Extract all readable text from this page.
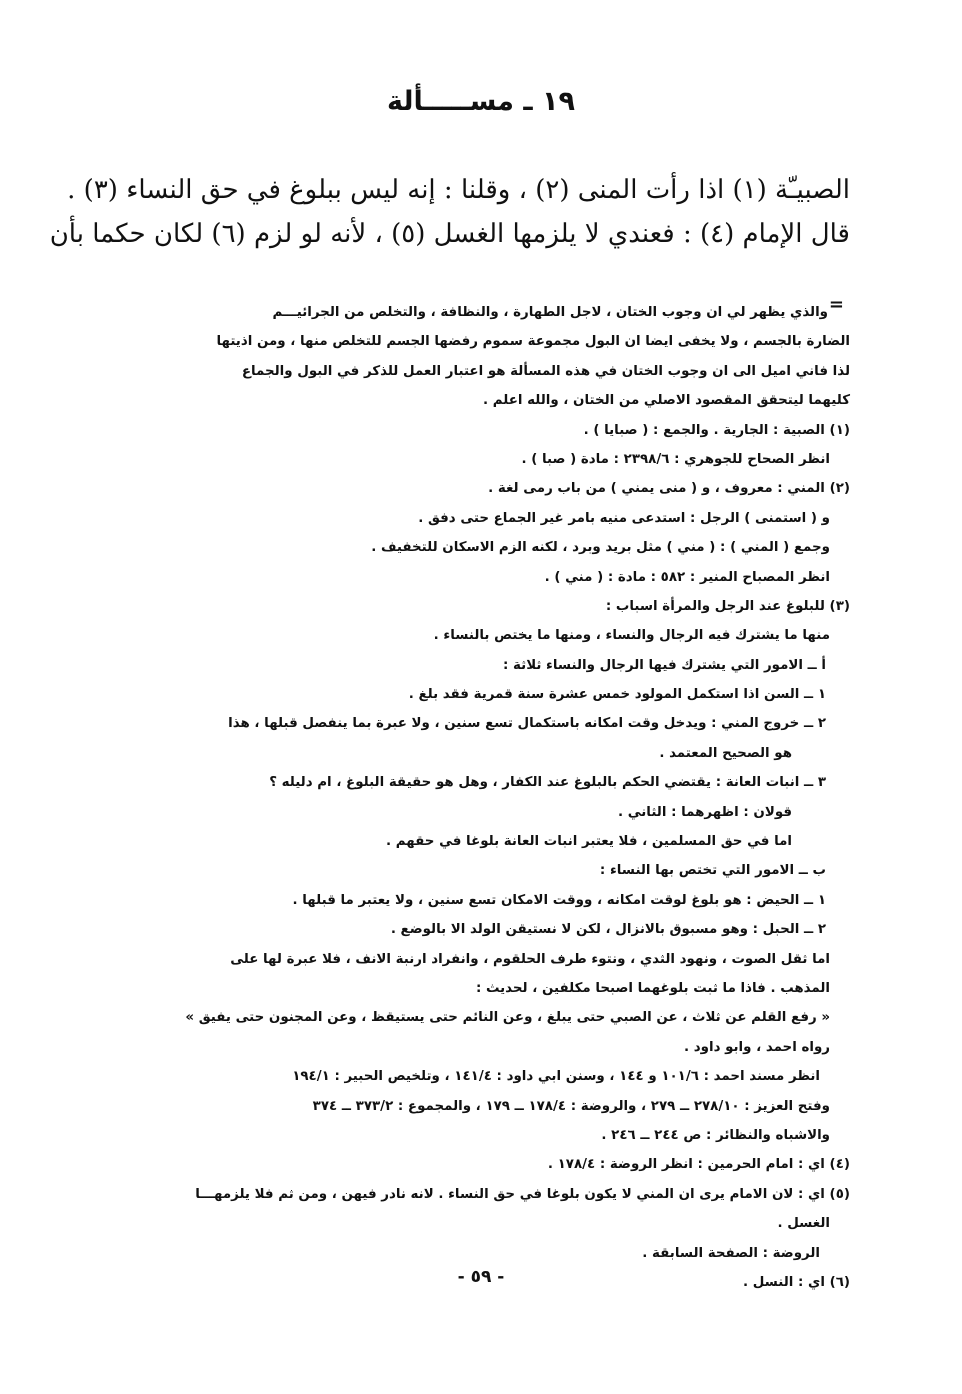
١٩ ـ مســـــألة
الصبيـّة (١) اذا رأت المنى (٢) ، وقلنا : إنه ليس ببلوغ في حق النساء (٣) .
قال الإمام (٤) : فعندي لا يلزمها الغسل (٥) ، لأنه لو لزم (٦) لكان حكما بأن
=
والذي يظهر لي ان وجوب الختان ، لاجل الطهارة ، والنظافة ، والتخلص من الجرائيـــم
الضارة بالجسم ، ولا يخفى ايضا ان البول مجموعة سموم رفضها الجسم للتخلص منها ، ومن اذيتها
لذا فاني اميل الى ان وجوب الختان في هذه المسألة هو اعتبار العمل للذكر في البول والجماع
كليهما ليتحقق المقصود الاصلي من الختان ، والله اعلم .
(١) الصبية : الجارية . والجمع : ( صبايا ) .
انظر الصحاح للجوهري : ٢٣٩٨/٦ : مادة ( صبا ) .
(٢) المني : معروف ، و ( منى يمني ) من باب رمى لغة .
و ( استمنى ) الرجل : استدعى منيه بامر غير الجماع حتى دفق .
وجمع ( المني ) : ( مني ) مثل بريد وبرد ، لكنه الزم الاسكان للتخفيف .
انظر المصباح المنير : ٥٨٢ : مادة : ( مني ) .
(٣) للبلوغ عند الرجل والمرأة اسباب :
منها ما يشترك فيه الرجال والنساء ، ومنها ما يختص بالنساء .
أ ــ الامور التي يشترك فيها الرجال والنساء ثلاثة :
١ ــ السن اذا استكمل المولود خمس عشرة سنة قمرية فقد بلغ .
٢ ــ خروج المني : ويدخل وقت امكانه باستكمال تسع سنين ، ولا عبرة بما ينفصل قبلها ، هذا
هو الصحيح المعتمد .
٣ ــ انبات العانة : يقتضي الحكم بالبلوغ عند الكفار ، وهل هو حقيقة البلوغ ، ام دليله ؟
قولان : اظهرهما : الثاني .
اما في حق المسلمين ، فلا يعتبر انبات العانة بلوغا في حقهم .
ب ــ الامور التي تختص بها النساء :
١ ــ الحيض : هو بلوغ لوقت امكانه ، ووقت الامكان تسع سنين ، ولا يعتبر ما قبلها .
٢ ــ الحبل : وهو مسبوق بالانزال ، لكن لا نستيقن الولد الا بالوضع .
اما ثقل الصوت ، ونهود الثدي ، ونتوء طرف الحلقوم ، وانفراد ارنبة الانف ، فلا عبرة لها على
المذهب . فاذا ما ثبت بلوغهما اصبحا مكلفين ، لحديث :
« رفع القلم عن ثلاث ، عن الصبي حتى يبلغ ، وعن النائم حتى يستيقظ ، وعن المجنون حتى يفيق »
رواه احمد ، وابو داود .
انظر مسند احمد : ١٠١/٦ و ١٤٤ ، وسنن ابي داود : ١٤١/٤ ، وتلخيص الحبير : ١٩٤/١
وفتح العزيز : ٢٧٨/١٠ ــ ٢٧٩ ، والروضة : ١٧٨/٤ ــ ١٧٩ ، والمجموع : ٣٧٣/٢ ــ ٣٧٤
والاشباه والنظائر : ص ٢٤٤ ــ ٢٤٦ .
(٤) اي : امام الحرمين : انظر الروضة : ١٧٨/٤ .
(٥) اي : لان الامام يرى ان المني لا يكون بلوغا في حق النساء . لانه نادر فيهن ، ومن ثم فلا يلزمهـــا
الغسل .
الروضة : الصفحة السابقة .
(٦) اي : النسل .
- ٥٩ -
